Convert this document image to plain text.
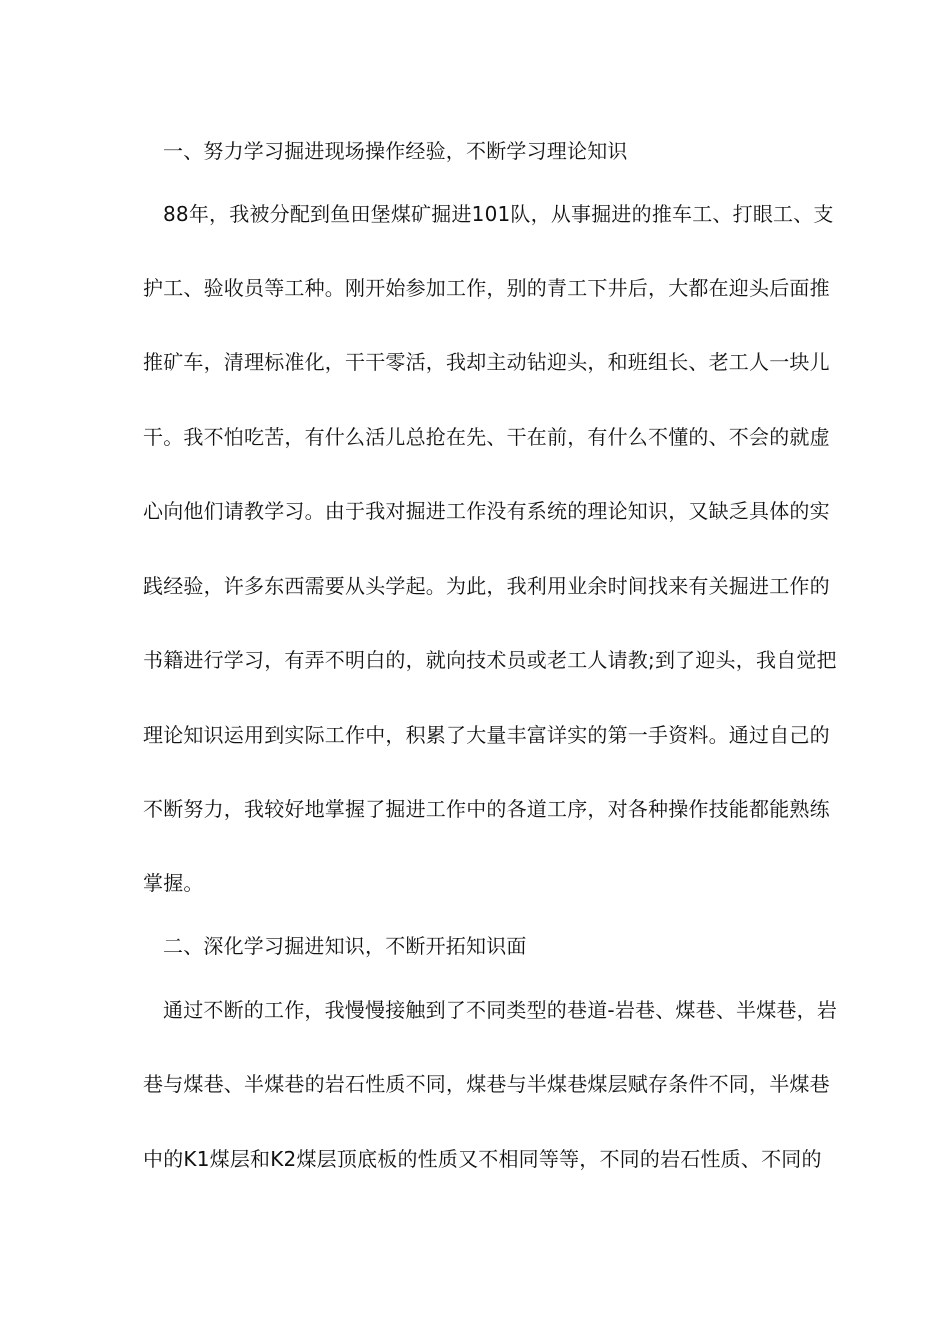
一、努力学习掘进现场操作经验，不断学习理论知识
88年，我被分配到鱼田堡煤矿掘进101队，从事掘进的推车工、打眼工、支
护工、验收员等工种。刚开始参加工作，别的青工下井后，大都在迎头后面推
推矿车，清理标准化，干干零活，我却主动钻迎头，和班组长、老工人一块儿
干。我不怕吃苦，有什么活儿总抢在先、干在前，有什么不懂的、不会的就虚
心向他们请教学习。由于我对掘进工作没有系统的理论知识，又缺乏具体的实
践经验，许多东西需要从头学起。为此，我利用业余时间找来有关掘进工作的
书籍进行学习，有弄不明白的，就向技术员或老工人请教;到了迎头，我自觉把
理论知识运用到实际工作中，积累了大量丰富详实的第一手资料。通过自己的
不断努力，我较好地掌握了掘进工作中的各道工序，对各种操作技能都能熟练
掌握。
二、深化学习掘进知识，不断开拓知识面
通过不断的工作，我慢慢接触到了不同类型的巷道-岩巷、煤巷、半煤巷，岩
巷与煤巷、半煤巷的岩石性质不同，煤巷与半煤巷煤层赋存条件不同，半煤巷
中的K1煤层和K2煤层顶底板的性质又不相同等等，不同的岩石性质、不同的
